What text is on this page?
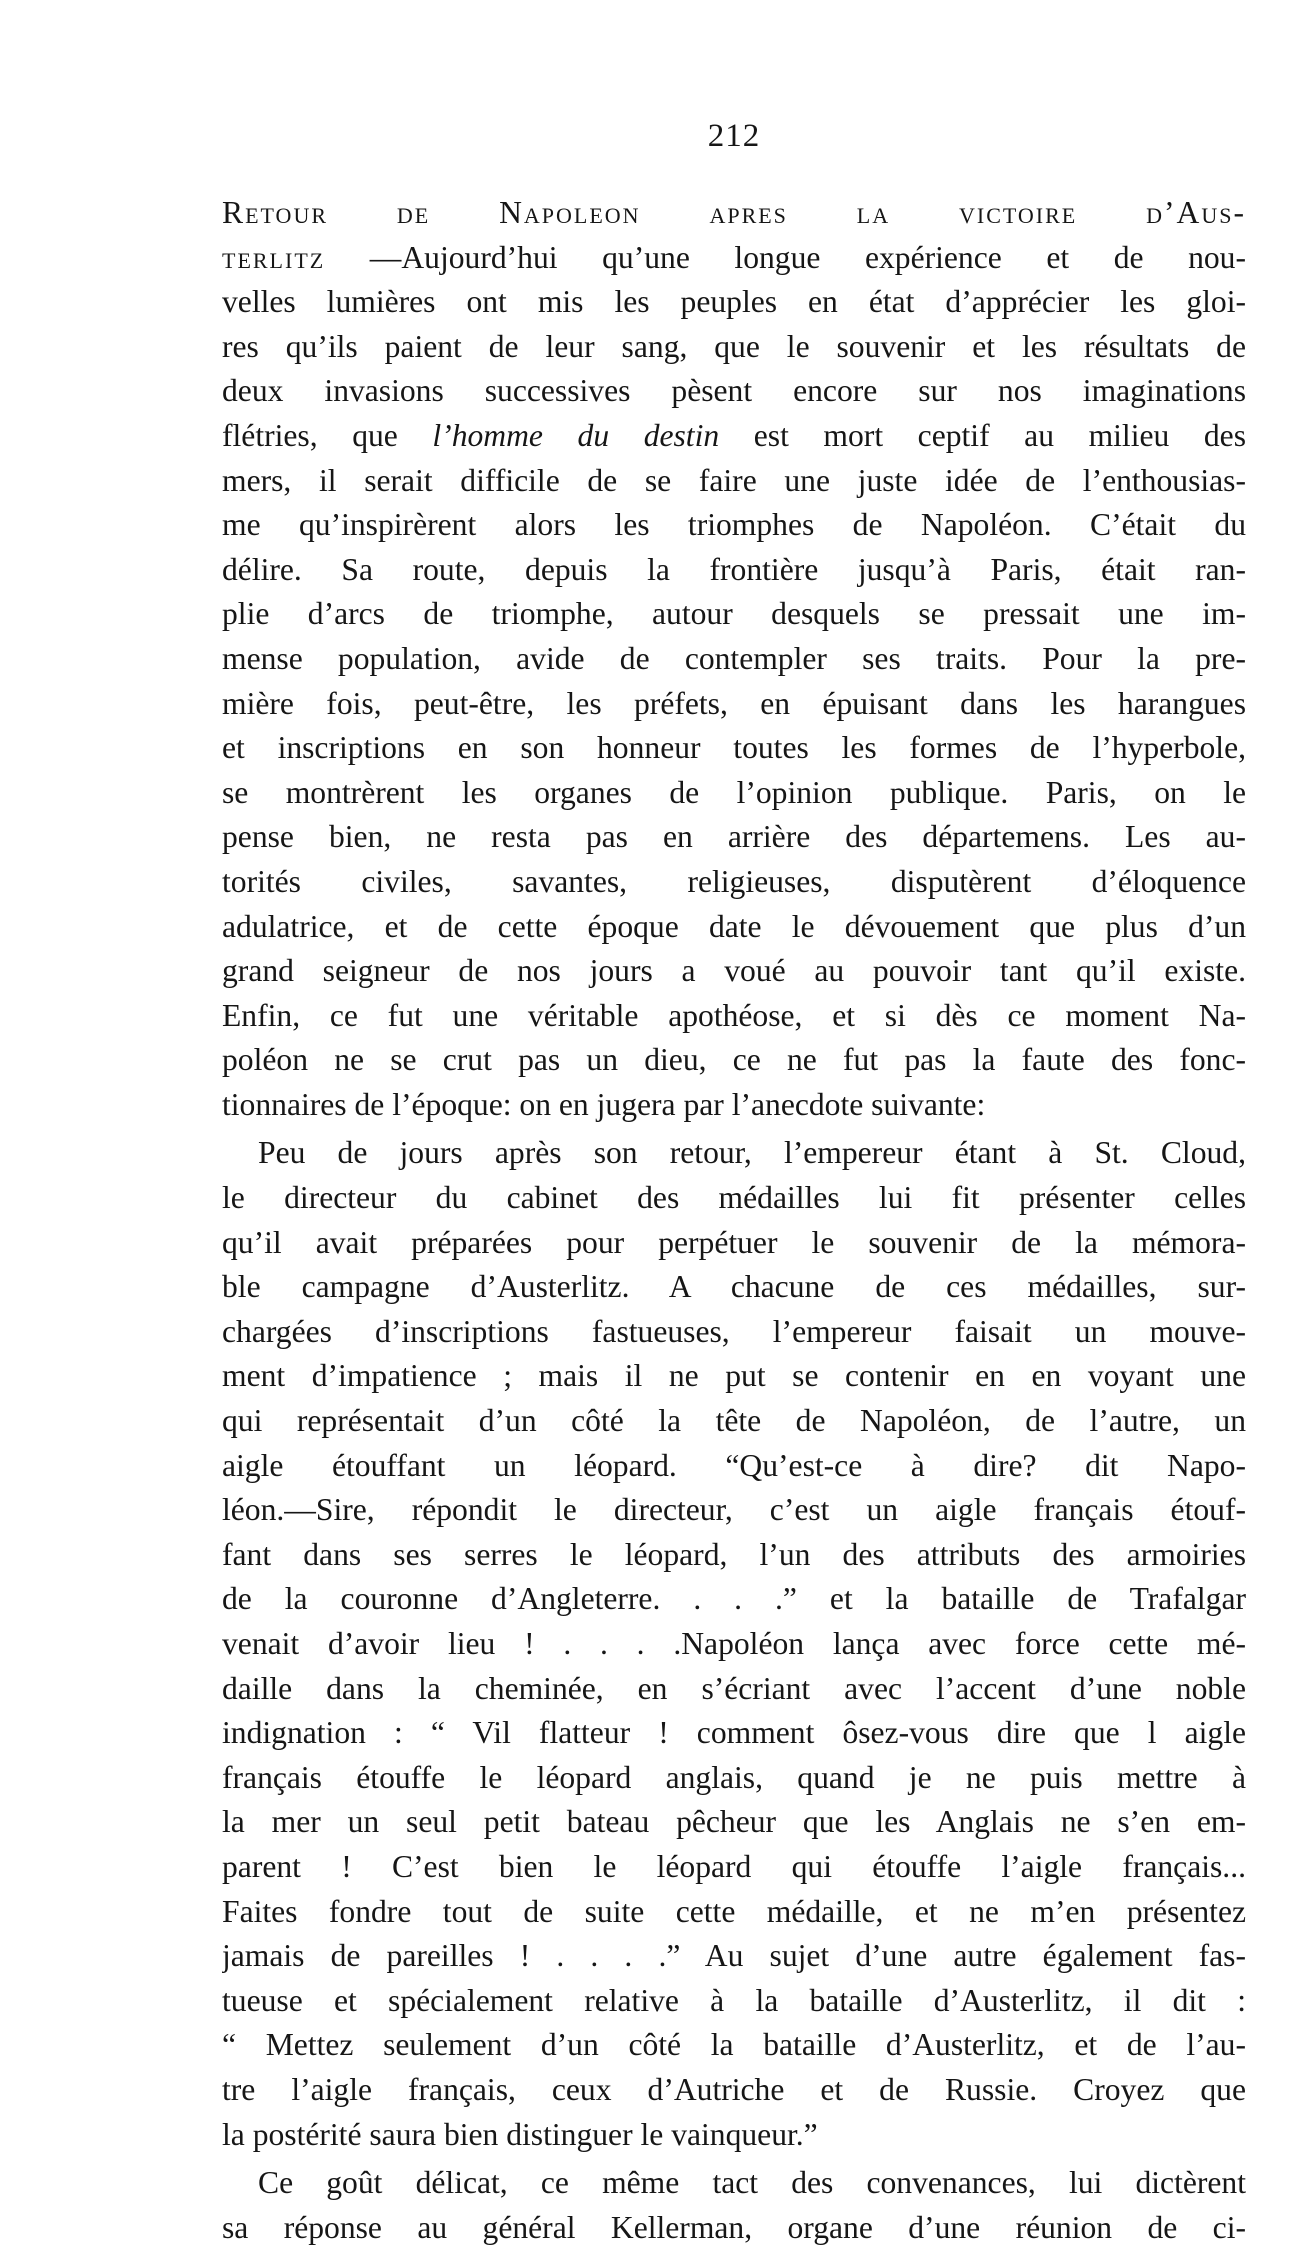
212

Retour de Napoleon apres la victoire d’Aus-
terlitz —Aujourd’hui qu’une longue expérience et de nou-
velles lumières ont mis les peuples en état d’apprécier les gloi-
res qu’ils paient de leur sang, que le souvenir et les résultats de
deux invasions successives pèsent encore sur nos imaginations
flétries, que l’homme du destin est mort ceptif au milieu des
mers, il serait difficile de se faire une juste idée de l’enthousias-
me qu’inspirèrent alors les triomphes de Napoléon. C’était du
délire. Sa route, depuis la frontière jusqu’à Paris, était ran-
plie d’arcs de triomphe, autour desquels se pressait une im-
mense population, avide de contempler ses traits. Pour la pre-
mière fois, peut-être, les préfets, en épuisant dans les harangues
et inscriptions en son honneur toutes les formes de l’hyperbole,
se montrèrent les organes de l’opinion publique. Paris, on le
pense bien, ne resta pas en arrière des départemens. Les au-
torités civiles, savantes, religieuses, disputèrent d’éloquence
adulatrice, et de cette époque date le dévouement que plus d’un
grand seigneur de nos jours a voué au pouvoir tant qu’il existe.
Enfin, ce fut une véritable apothéose, et si dès ce moment Na-
poléon ne se crut pas un dieu, ce ne fut pas la faute des fonc-
tionnaires de l’époque: on en jugera par l’anecdote suivante:

Peu de jours après son retour, l’empereur étant à St. Cloud,
le directeur du cabinet des médailles lui fit présenter celles
qu’il avait préparées pour perpétuer le souvenir de la mémora-
ble campagne d’Austerlitz. A chacune de ces médailles, sur-
chargées d’inscriptions fastueuses, l’empereur faisait un mouve-
ment d’impatience ; mais il ne put se contenir en en voyant une
qui représentait d’un côté la tête de Napoléon, de l’autre, un
aigle étouffant un léopard. “Qu’est-ce à dire? dit Napo-
léon.—Sire, répondit le directeur, c’est un aigle français étouf-
fant dans ses serres le léopard, l’un des attributs des armoiries
de la couronne d’Angleterre. . . .” et la bataille de Trafalgar
venait d’avoir lieu ! . . . .Napoléon lança avec force cette mé-
daille dans la cheminée, en s’écriant avec l’accent d’une noble
indignation : “ Vil flatteur ! comment ôsez-vous dire que l aigle
français étouffe le léopard anglais, quand je ne puis mettre à
la mer un seul petit bateau pêcheur que les Anglais ne s’en em-
parent ! C’est bien le léopard qui étouffe l’aigle français...
Faites fondre tout de suite cette médaille, et ne m’en présentez
jamais de pareilles ! . . . .” Au sujet d’une autre également fas-
tueuse et spécialement relative à la bataille d’Austerlitz, il dit :
“ Mettez seulement d’un côté la bataille d’Austerlitz, et de l’au-
tre l’aigle français, ceux d’Autriche et de Russie. Croyez que
la postérité saura bien distinguer le vainqueur.”

Ce goût délicat, ce même tact des convenances, lui dictèrent
sa réponse au général Kellerman, organe d’une réunion de ci-
